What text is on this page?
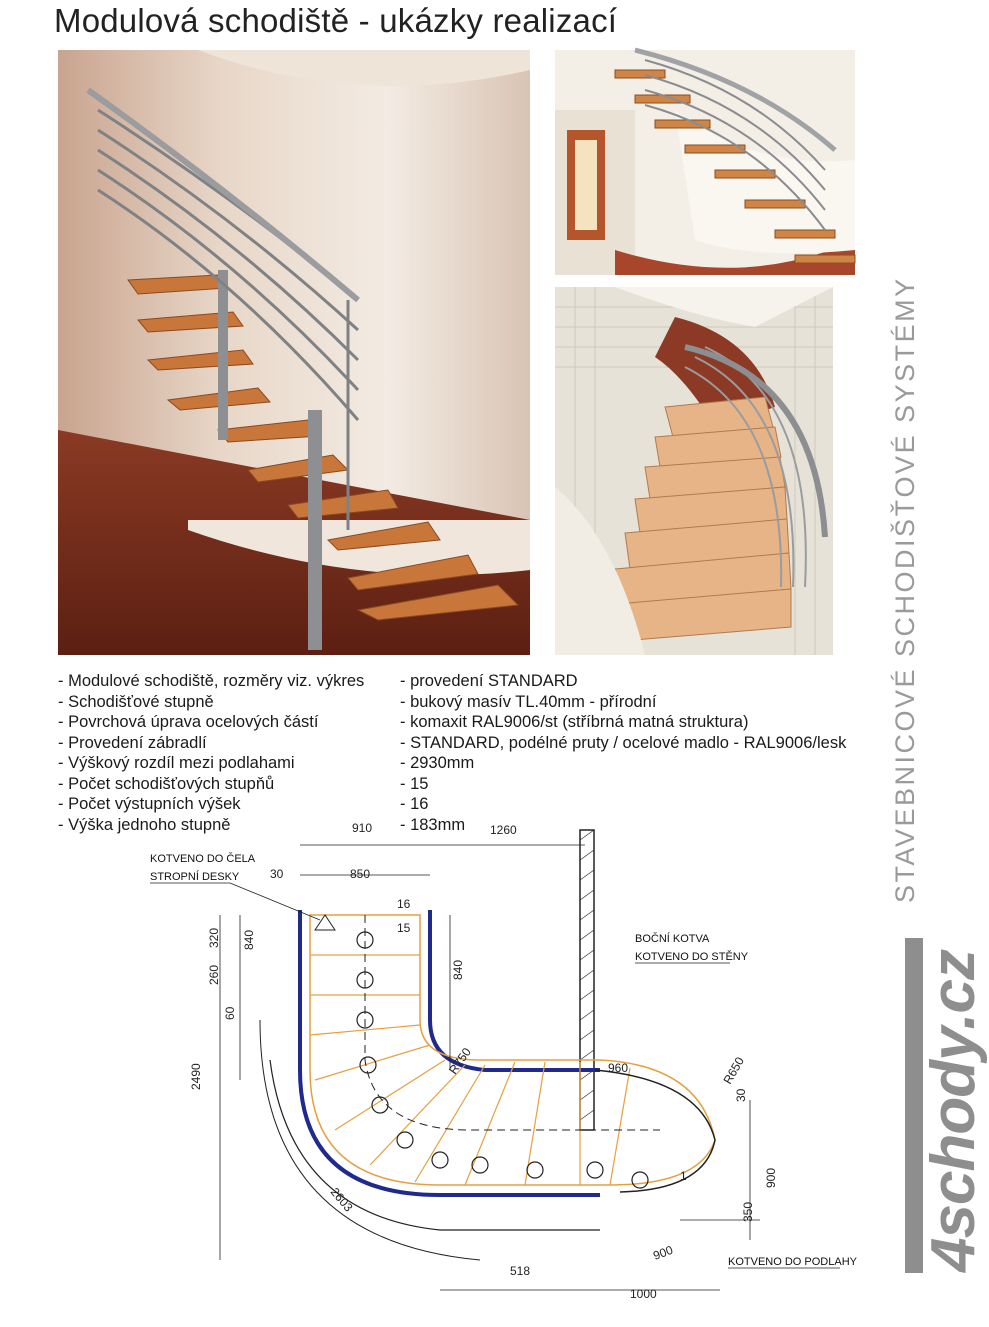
Modulová schodiště - ukázky realizací
- Modulové schodiště, rozměry viz. výkres	- provedení STANDARD
- Schodišťové stupně	- bukový masív TL.40mm - přírodní
- Povrchová úprava ocelových částí	- komaxit RAL9006/st (stříbrná matná struktura)
- Provedení zábradlí	- STANDARD, podélné pruty / ocelové madlo - RAL9006/lesk
- Výškový rozdíl mezi podlahami	- 2930mm
- Počet schodišťových stupňů	- 15
- Počet výstupních výšek	- 16
- Výška jednoho stupně	- 183mm	STAVEBNICOVÉ SCHODIŠŤOVÉ SYSTÉMY
4schody.cz
910	1260
30	850
16
15
320 840
840
260
60
2490	R750	960	R650
30
1	900
350
2603
900
518
1000
KOTVENO DO ČELA
STROPNÍ DESKY
BOČNÍ KOTVA
KOTVENO DO STĚNY
KOTVENO DO PODLAHY
